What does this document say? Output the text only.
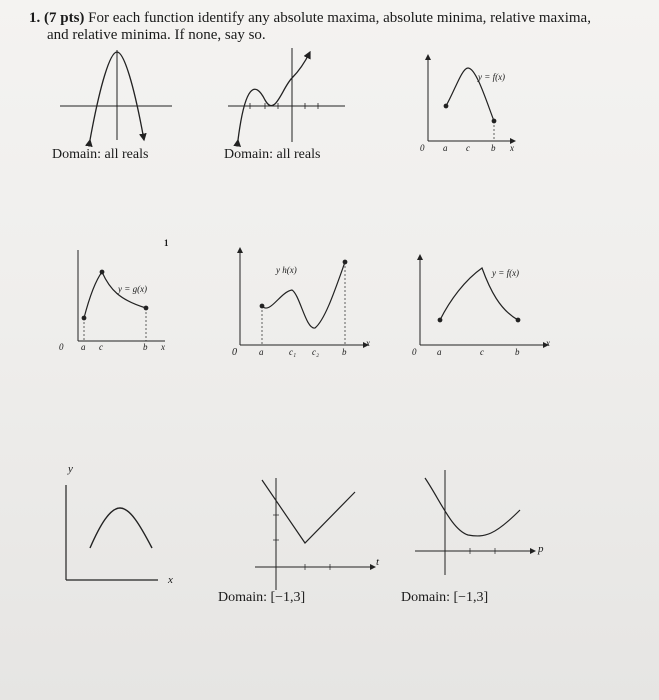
1. (7 pts) For each function identify any absolute maxima, absolute minima, relative maxima,
and relative minima. If none, say so.
Domain: all reals	Domain: all reals
Domain: [−1,3]	Domain: [−1,3]
y = f(x)
y = g(x)
y h(x)	y = f(x)
1
0 a c b x
0 a c	b x	0 a	c₁ c₂	b
x
0 a	c	b
x
y
x
t
p
